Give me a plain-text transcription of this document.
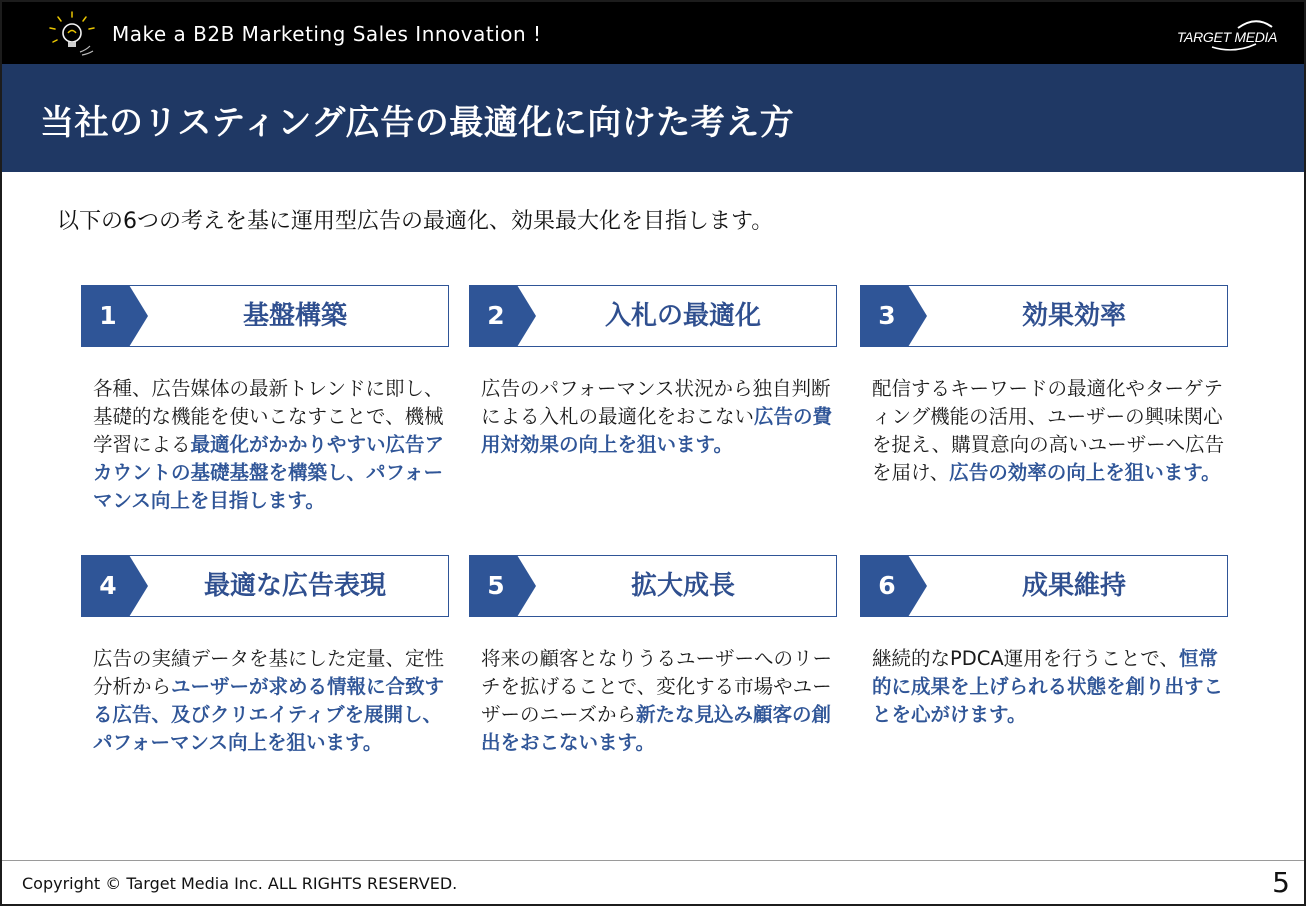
Make a B2B Marketing Sales Innovation !	TARGET MEDIA
当社のリスティング広告の最適化に向けた考え方

以下の6つの考えを基に運用型広告の最適化、効果最大化を目指します。

1	基盤構築
各種、広告媒体の最新トレンドに即し、基礎的な機能を使いこなすことで、機械学習による最適化がかかりやすい広告アカウントの基礎基盤を構築し、パフォーマンス向上を目指します。
2	入札の最適化
広告のパフォーマンス状況から独自判断による入札の最適化をおこない広告の費用対効果の向上を狙います。
3	効果効率
配信するキーワードの最適化やターゲティング機能の活用、ユーザーの興味関心を捉え、購買意向の高いユーザーへ広告を届け、広告の効率の向上を狙います。
4	最適な広告表現
広告の実績データを基にした定量、定性分析からユーザーが求める情報に合致する広告、及びクリエイティブを展開し、パフォーマンス向上を狙います。
5	拡大成長
将来の顧客となりうるユーザーへのリーチを拡げることで、変化する市場やユーザーのニーズから新たな見込み顧客の創出をおこないます。
6	成果維持
継続的なPDCA運用を行うことで、恒常的に成果を上げられる状態を創り出すことを心がけます。
Copyright © Target Media Inc. ALL RIGHTS RESERVED.	5
